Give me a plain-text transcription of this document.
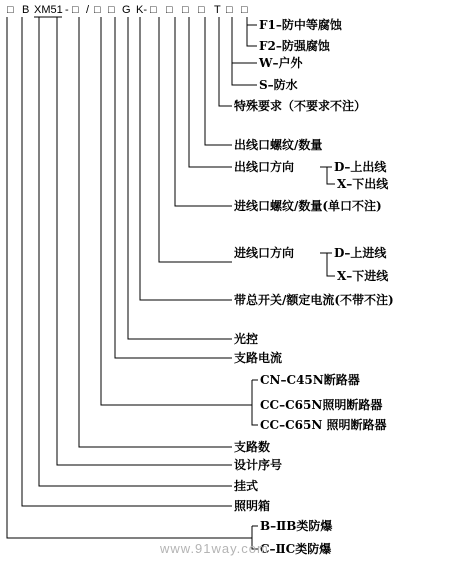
□ B XM51 - □ / □ □ G K- □ □ □ □ T □ □
F1–防中等腐蚀
F2–防强腐蚀
W–户外
S–防水
特殊要求（不要求不注）
出线口螺纹/数量
出线口方向	D–上出线
X–下出线
进线口螺纹/数量(单口不注)
进线口方向	D–上进线
X–下进线
带总开关/额定电流(不带不注)
光控
支路电流
CN–C45N断路器
CC–C65N照明断路器
CC–C65N 照明断路器
支路数
设计序号
挂式
照明箱
B–ⅡB类防爆
C–ⅡC类防爆
www.91way.com
